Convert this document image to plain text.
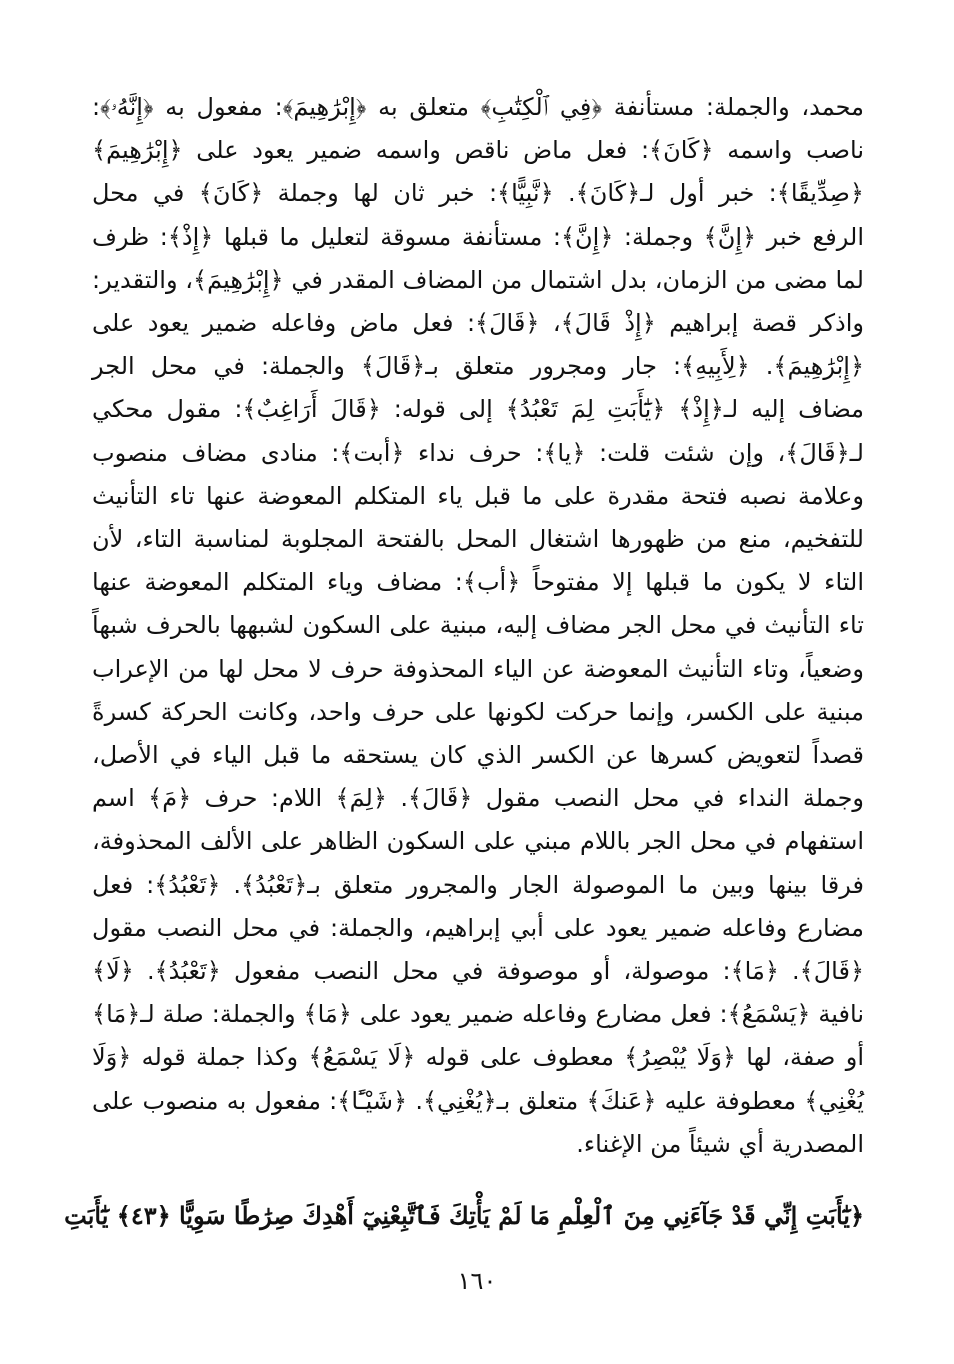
محمد، والجملة: مستأنفة ﴿فِي ٱلْكِتَٰبِ﴾ متعلق به ﴿إِبْرَٰهِيمَ﴾: مفعول به ﴿إِنَّهُۥ﴾:
ناصب واسمه ﴿كَانَ﴾: فعل ماض ناقص واسمه ضمير يعود على ﴿إِبْرَٰهِيمَ﴾
﴿صِدِّيقًا﴾: خبر أول لـ﴿كَانَ﴾. ﴿نَّبِيًّا﴾: خبر ثان لها وجملة ﴿كَانَ﴾ في محل
الرفع خبر ﴿إِنَّ﴾ وجملة: ﴿إِنَّ﴾: مستأنفة مسوقة لتعليل ما قبلها ﴿إِذْ﴾: ظرف
لما مضى من الزمان، بدل اشتمال من المضاف المقدر في ﴿إِبْرَٰهِيمَ﴾، والتقدير:
واذكر قصة إبراهيم ﴿إِذْ قَالَ﴾، ﴿قَالَ﴾: فعل ماض وفاعله ضمير يعود على
﴿إِبْرَٰهِيمَ﴾. ﴿لِأَبِيهِ﴾: جار ومجرور متعلق بـ﴿قَالَ﴾ والجملة: في محل الجر
مضاف إليه لـ﴿إِذْ﴾ ﴿يَٰٓأَبَتِ لِمَ تَعْبُدُ﴾ إلى قوله: ﴿قَالَ أَرَاغِبٌ﴾: مقول محكي
لـ﴿قَالَ﴾، وإن شئت قلت: ﴿يا﴾: حرف نداء ﴿أبت﴾: منادى مضاف منصوب
وعلامة نصبه فتحة مقدرة على ما قبل ياء المتكلم المعوضة عنها تاء التأنيث
للتفخيم، منع من ظهورها اشتغال المحل بالفتحة المجلوبة لمناسبة التاء، لأن
التاء لا يكون ما قبلها إلا مفتوحاً ﴿أب﴾: مضاف وياء المتكلم المعوضة عنها
تاء التأنيث في محل الجر مضاف إليه، مبنية على السكون لشبهها بالحرف شبهاً
وضعياً، وتاء التأنيث المعوضة عن الياء المحذوفة حرف لا محل لها من الإعراب
مبنية على الكسر، وإنما حركت لكونها على حرف واحد، وكانت الحركة كسرةً
قصداً لتعويض كسرها عن الكسر الذي كان يستحقه ما قبل الياء في الأصل،
وجملة النداء في محل النصب مقول ﴿قَالَ﴾. ﴿لِمَ﴾ اللام: حرف ﴿مَ﴾ اسم
استفهام في محل الجر باللام مبني على السكون الظاهر على الألف المحذوفة،
فرقا بينها وبين ما الموصولة الجار والمجرور متعلق بـ﴿تَعْبُدُ﴾. ﴿تَعْبُدُ﴾: فعل
مضارع وفاعله ضمير يعود على أبي إبراهيم، والجملة: في محل النصب مقول
﴿قَالَ﴾. ﴿مَا﴾: موصولة، أو موصوفة في محل النصب مفعول ﴿تَعْبُدُ﴾. ﴿لَا﴾
نافية ﴿يَسْمَعُ﴾: فعل مضارع وفاعله ضمير يعود على ﴿مَا﴾ والجملة: صلة لـ﴿مَا﴾
أو صفة، لها ﴿وَلَا يُبْصِرُ﴾ معطوف على قوله ﴿لَا يَسْمَعُ﴾ وكذا جملة قوله ﴿وَلَا
يُغْنِي﴾ معطوفة عليه ﴿عَنكَ﴾ متعلق بـ﴿يُغْنِي﴾. ﴿شَيْـًٔا﴾: مفعول به منصوب على
المصدرية أي شيئاً من الإغناء.
﴿يَٰٓأَبَتِ إِنِّي قَدْ جَآءَنِي مِنَ ٱلْعِلْمِ مَا لَمْ يَأْتِكَ فَٱتَّبِعْنِيٓ أَهْدِكَ صِرَٰطًا سَوِيًّا ﴿٤٣﴾ يَٰٓأَبَتِ
١٦٠
